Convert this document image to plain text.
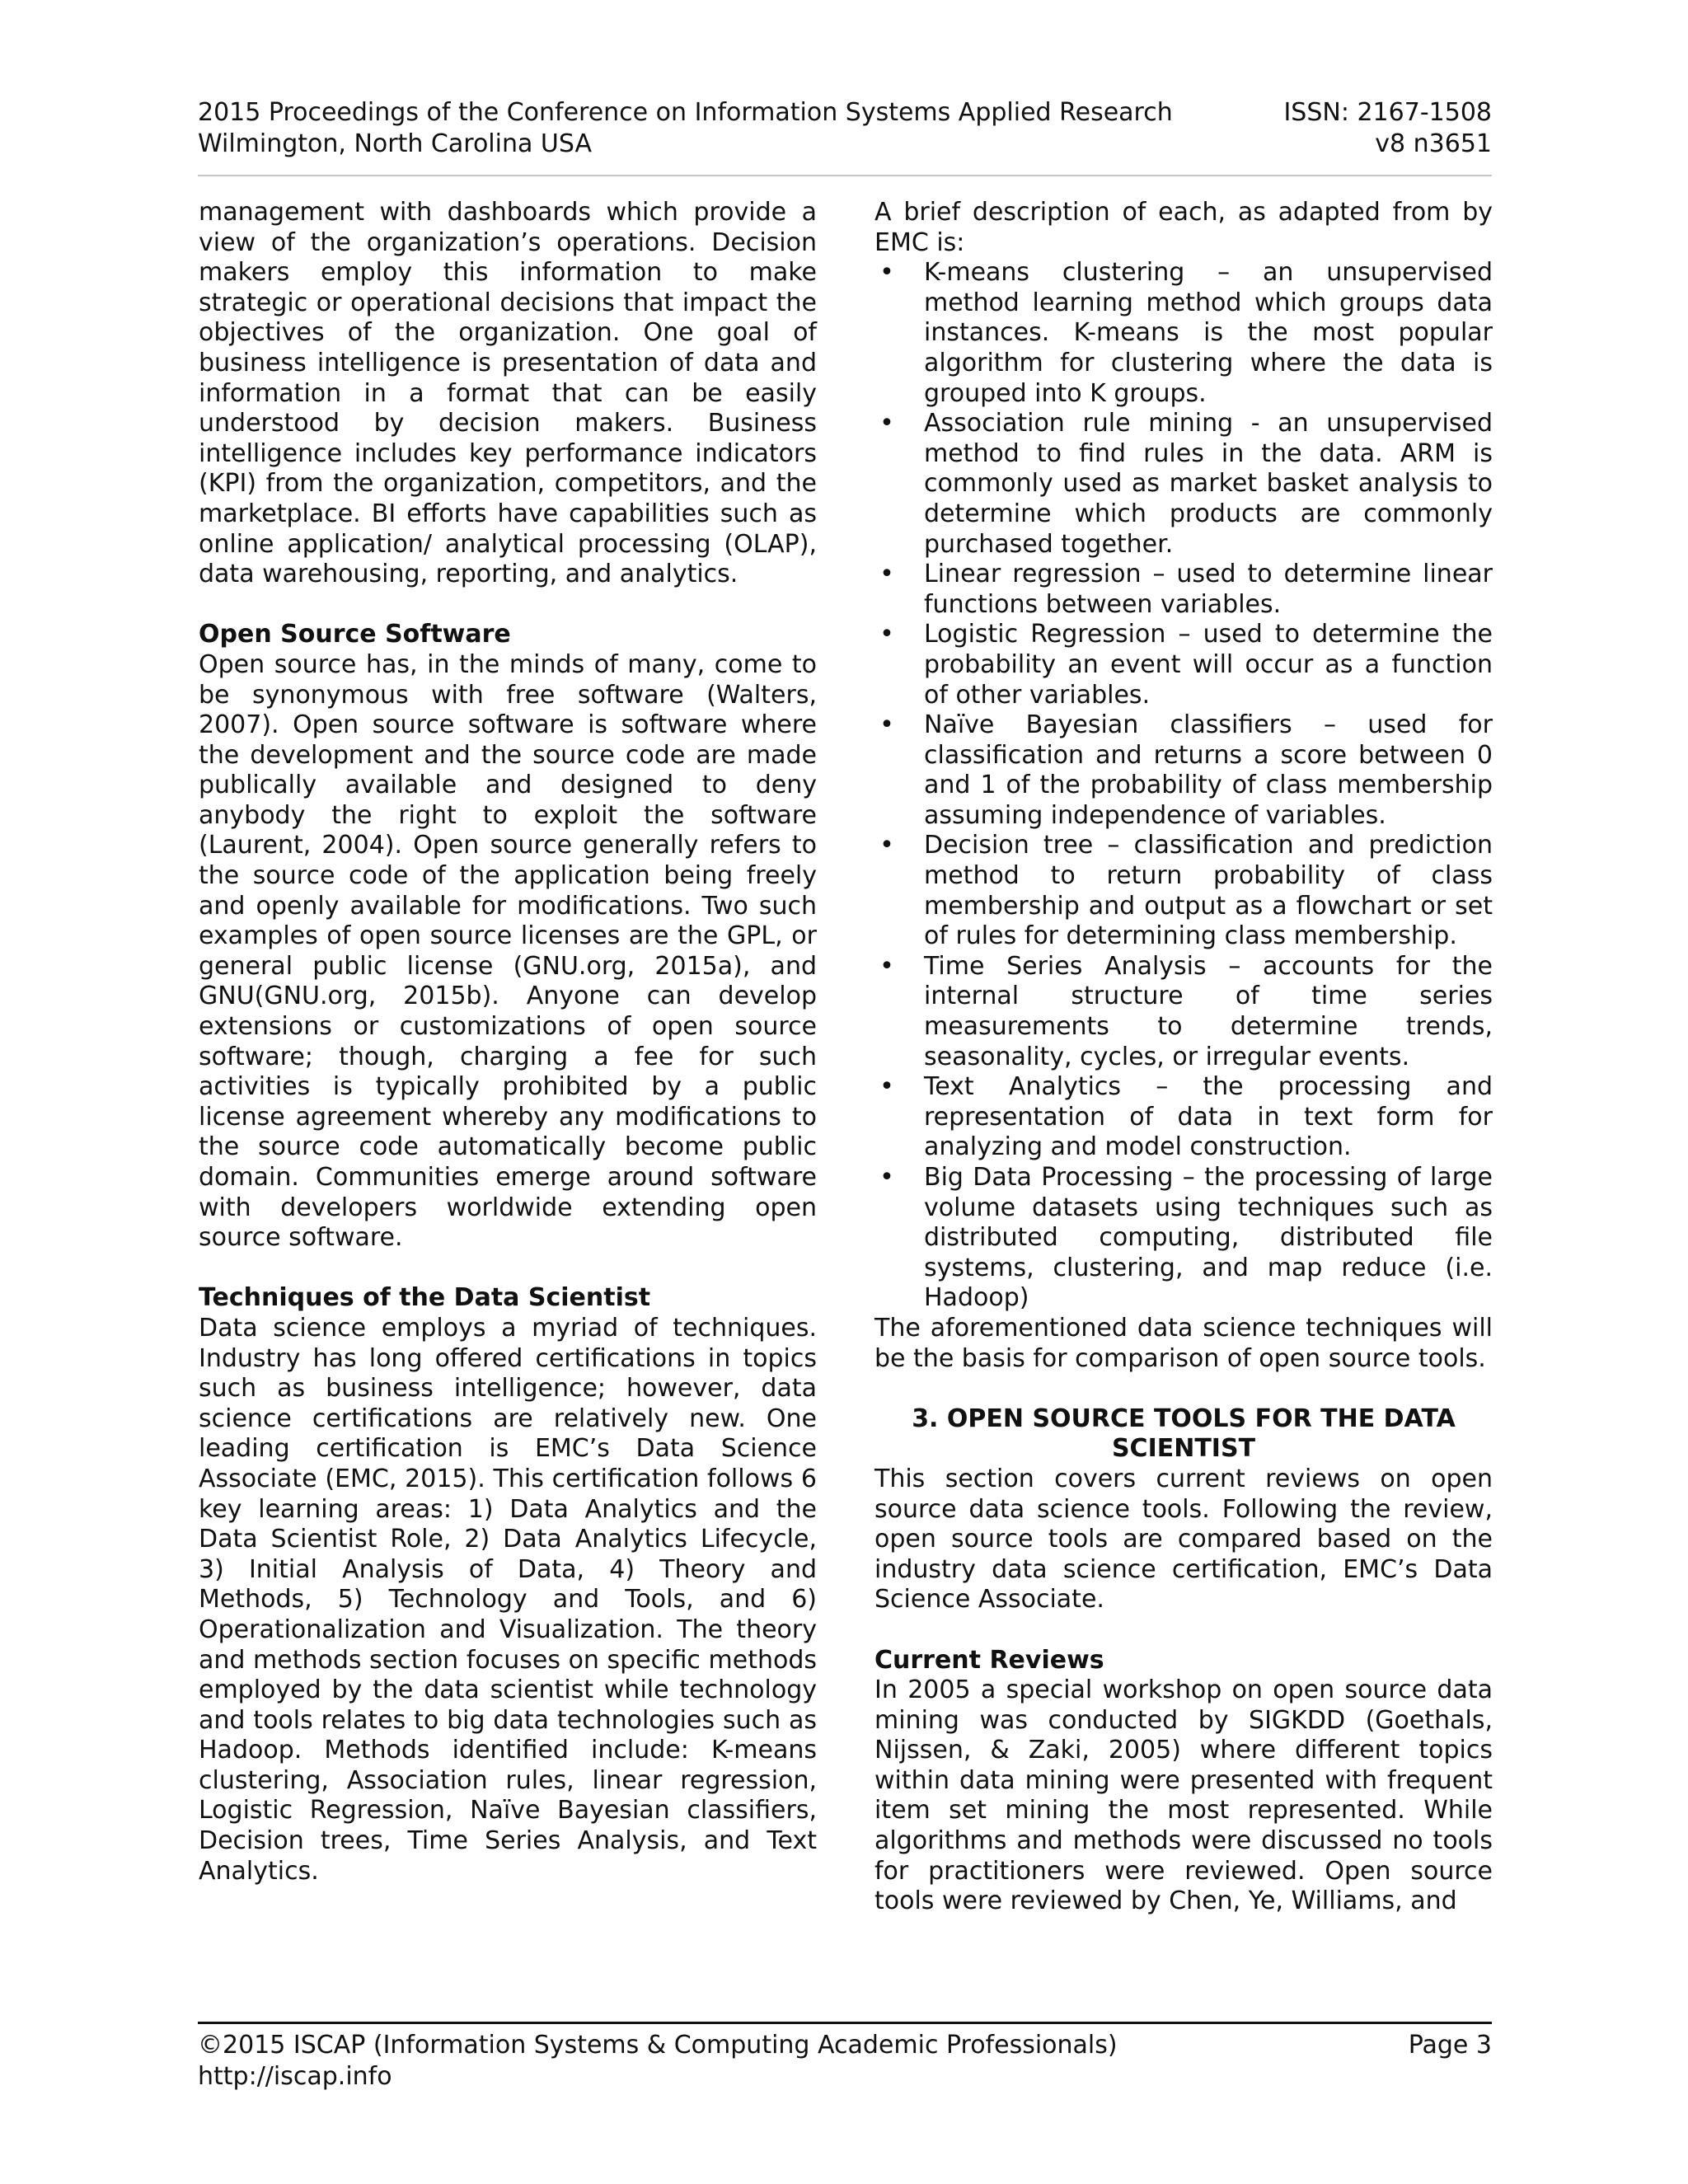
2015 Proceedings of the Conference on Information Systems Applied Research	ISSN: 2167-1508
Wilmington, North Carolina USA	v8 n3651

management with dashboards which provide a view of the organization’s operations. Decision makers employ this information to make strategic or operational decisions that impact the objectives of the organization. One goal of business intelligence is presentation of data and information in a format that can be easily understood by decision makers. Business intelligence includes key performance indicators (KPI) from the organization, competitors, and the marketplace. BI efforts have capabilities such as online application/ analytical processing (OLAP), data warehousing, reporting, and analytics.

Open Source Software

Open source has, in the minds of many, come to be synonymous with free software (Walters, 2007). Open source software is software where the development and the source code are made publically available and designed to deny anybody the right to exploit the software (Laurent, 2004). Open source generally refers to the source code of the application being freely and openly available for modifications. Two such examples of open source licenses are the GPL, or general public license (GNU.org, 2015a), and GNU(GNU.org, 2015b). Anyone can develop extensions or customizations of open source software; though, charging a fee for such activities is typically prohibited by a public license agreement whereby any modifications to the source code automatically become public domain. Communities emerge around software with developers worldwide extending open source software.

Techniques of the Data Scientist

Data science employs a myriad of techniques. Industry has long offered certifications in topics such as business intelligence; however, data science certifications are relatively new. One leading certification is EMC’s Data Science Associate (EMC, 2015). This certification follows 6 key learning areas: 1) Data Analytics and the Data Scientist Role, 2) Data Analytics Lifecycle, 3) Initial Analysis of Data, 4) Theory and Methods, 5) Technology and Tools, and 6) Operationalization and Visualization. The theory and methods section focuses on specific methods employed by the data scientist while technology and tools relates to big data technologies such as Hadoop. Methods identified include: K-means clustering, Association rules, linear regression, Logistic Regression, Naïve Bayesian classifiers, Decision trees, Time Series Analysis, and Text Analytics.

A brief description of each, as adapted from by EMC is:

• K-means clustering – an unsupervised method learning method which groups data instances. K-means is the most popular algorithm for clustering where the data is grouped into K groups.
• Association rule mining - an unsupervised method to find rules in the data. ARM is commonly used as market basket analysis to determine which products are commonly purchased together.
• Linear regression – used to determine linear functions between variables.
• Logistic Regression – used to determine the probability an event will occur as a function of other variables.
• Naïve Bayesian classifiers – used for classification and returns a score between 0 and 1 of the probability of class membership assuming independence of variables.
• Decision tree – classification and prediction method to return probability of class membership and output as a flowchart or set of rules for determining class membership.
• Time Series Analysis – accounts for the internal structure of time series measurements to determine trends, seasonality, cycles, or irregular events.
• Text Analytics – the processing and representation of data in text form for analyzing and model construction.
• Big Data Processing – the processing of large volume datasets using techniques such as distributed computing, distributed file systems, clustering, and map reduce (i.e. Hadoop)

The aforementioned data science techniques will be the basis for comparison of open source tools.

3. OPEN SOURCE TOOLS FOR THE DATA SCIENTIST

This section covers current reviews on open source data science tools. Following the review, open source tools are compared based on the industry data science certification, EMC’s Data Science Associate.

Current Reviews

In 2005 a special workshop on open source data mining was conducted by SIGKDD (Goethals, Nijssen, & Zaki, 2005) where different topics within data mining were presented with frequent item set mining the most represented. While algorithms and methods were discussed no tools for practitioners were reviewed. Open source tools were reviewed by Chen, Ye, Williams, and

©2015 ISCAP (Information Systems & Computing Academic Professionals)	Page 3
http://iscap.info
